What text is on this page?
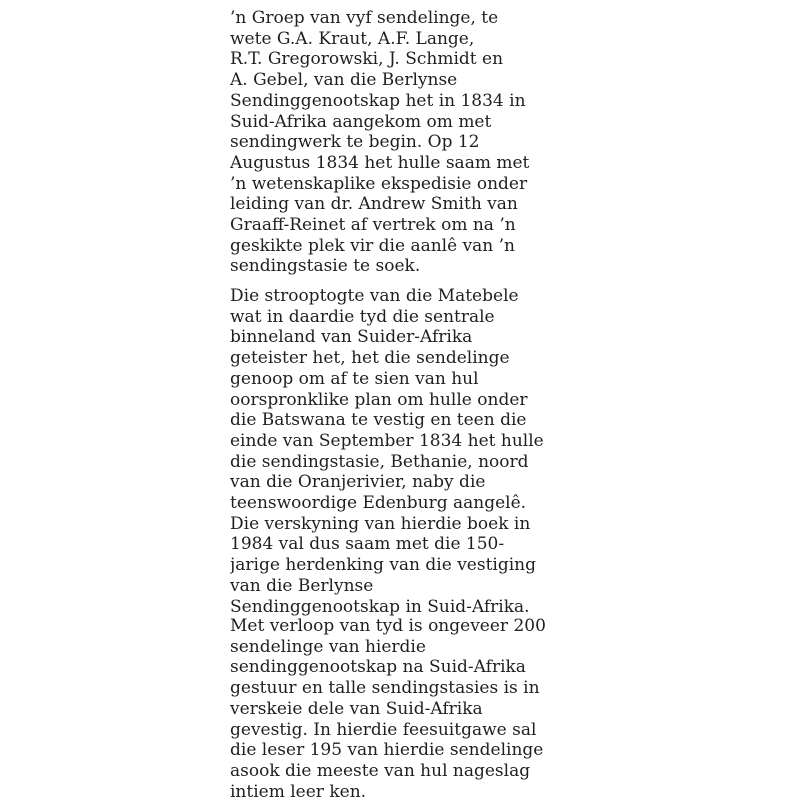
’n Groep van vyf sendelinge, te
wete G.A. Kraut, A.F. Lange,
R.T. Gregorowski, J. Schmidt en
A. Gebel, van die Berlynse
Sendinggenootskap het in 1834 in
Suid-Afrika aangekom om met
sendingwerk te begin. Op 12
Augustus 1834 het hulle saam met
’n wetenskaplike ekspedisie onder
leiding van dr. Andrew Smith van
Graaff-Reinet af vertrek om na ’n
geskikte plek vir die aanlê van ’n
sendingstasie te soek.
Die strooptogte van die Matebele
wat in daardie tyd die sentrale
binneland van Suider-Afrika
geteister het, het die sendelinge
genoop om af te sien van hul
oorspronklike plan om hulle onder
die Batswana te vestig en teen die
einde van September 1834 het hulle
die sendingstasie, Bethanie, noord
van die Oranjerivier, naby die
teenswoordige Edenburg aangelê.
Die verskyning van hierdie boek in
1984 val dus saam met die 150-
jarige herdenking van die vestiging
van die Berlynse
Sendinggenootskap in Suid-Afrika.
Met verloop van tyd is ongeveer 200
sendelinge van hierdie
sendinggenootskap na Suid-Afrika
gestuur en talle sendingstasies is in
verskeie dele van Suid-Afrika
gevestig. In hierdie feesuitgawe sal
die leser 195 van hierdie sendelinge
asook die meeste van hul nageslag
intiem leer ken.
